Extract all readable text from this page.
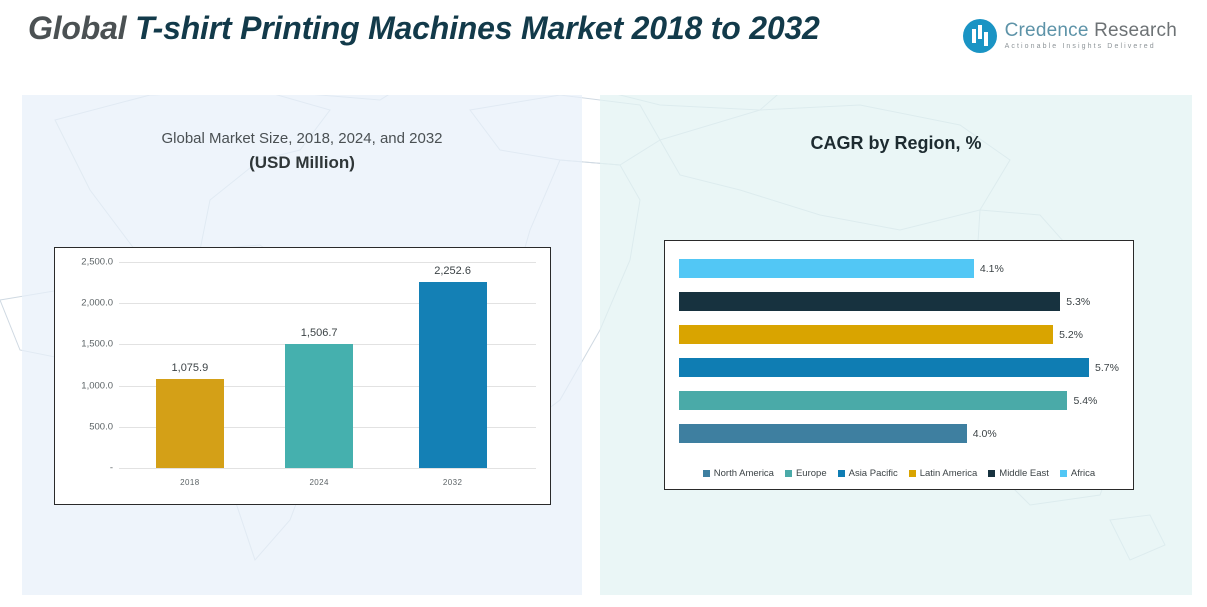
Global T-shirt Printing Machines Market 2018 to 2032	Credence Research
Actionable Insights Delivered
Global Market Size, 2018, 2024, and 2032
(USD Million)
-
500.0
1,000.0
1,500.0
2,000.0
2,500.0
1,075.9
2018
1,506.7
2024
2,252.6
2032
CAGR by Region, %
North America Europe Asia Pacific Latin America Middle East Africa
4.1%
5.3%
5.2%
5.7%
5.4%
4.0%
